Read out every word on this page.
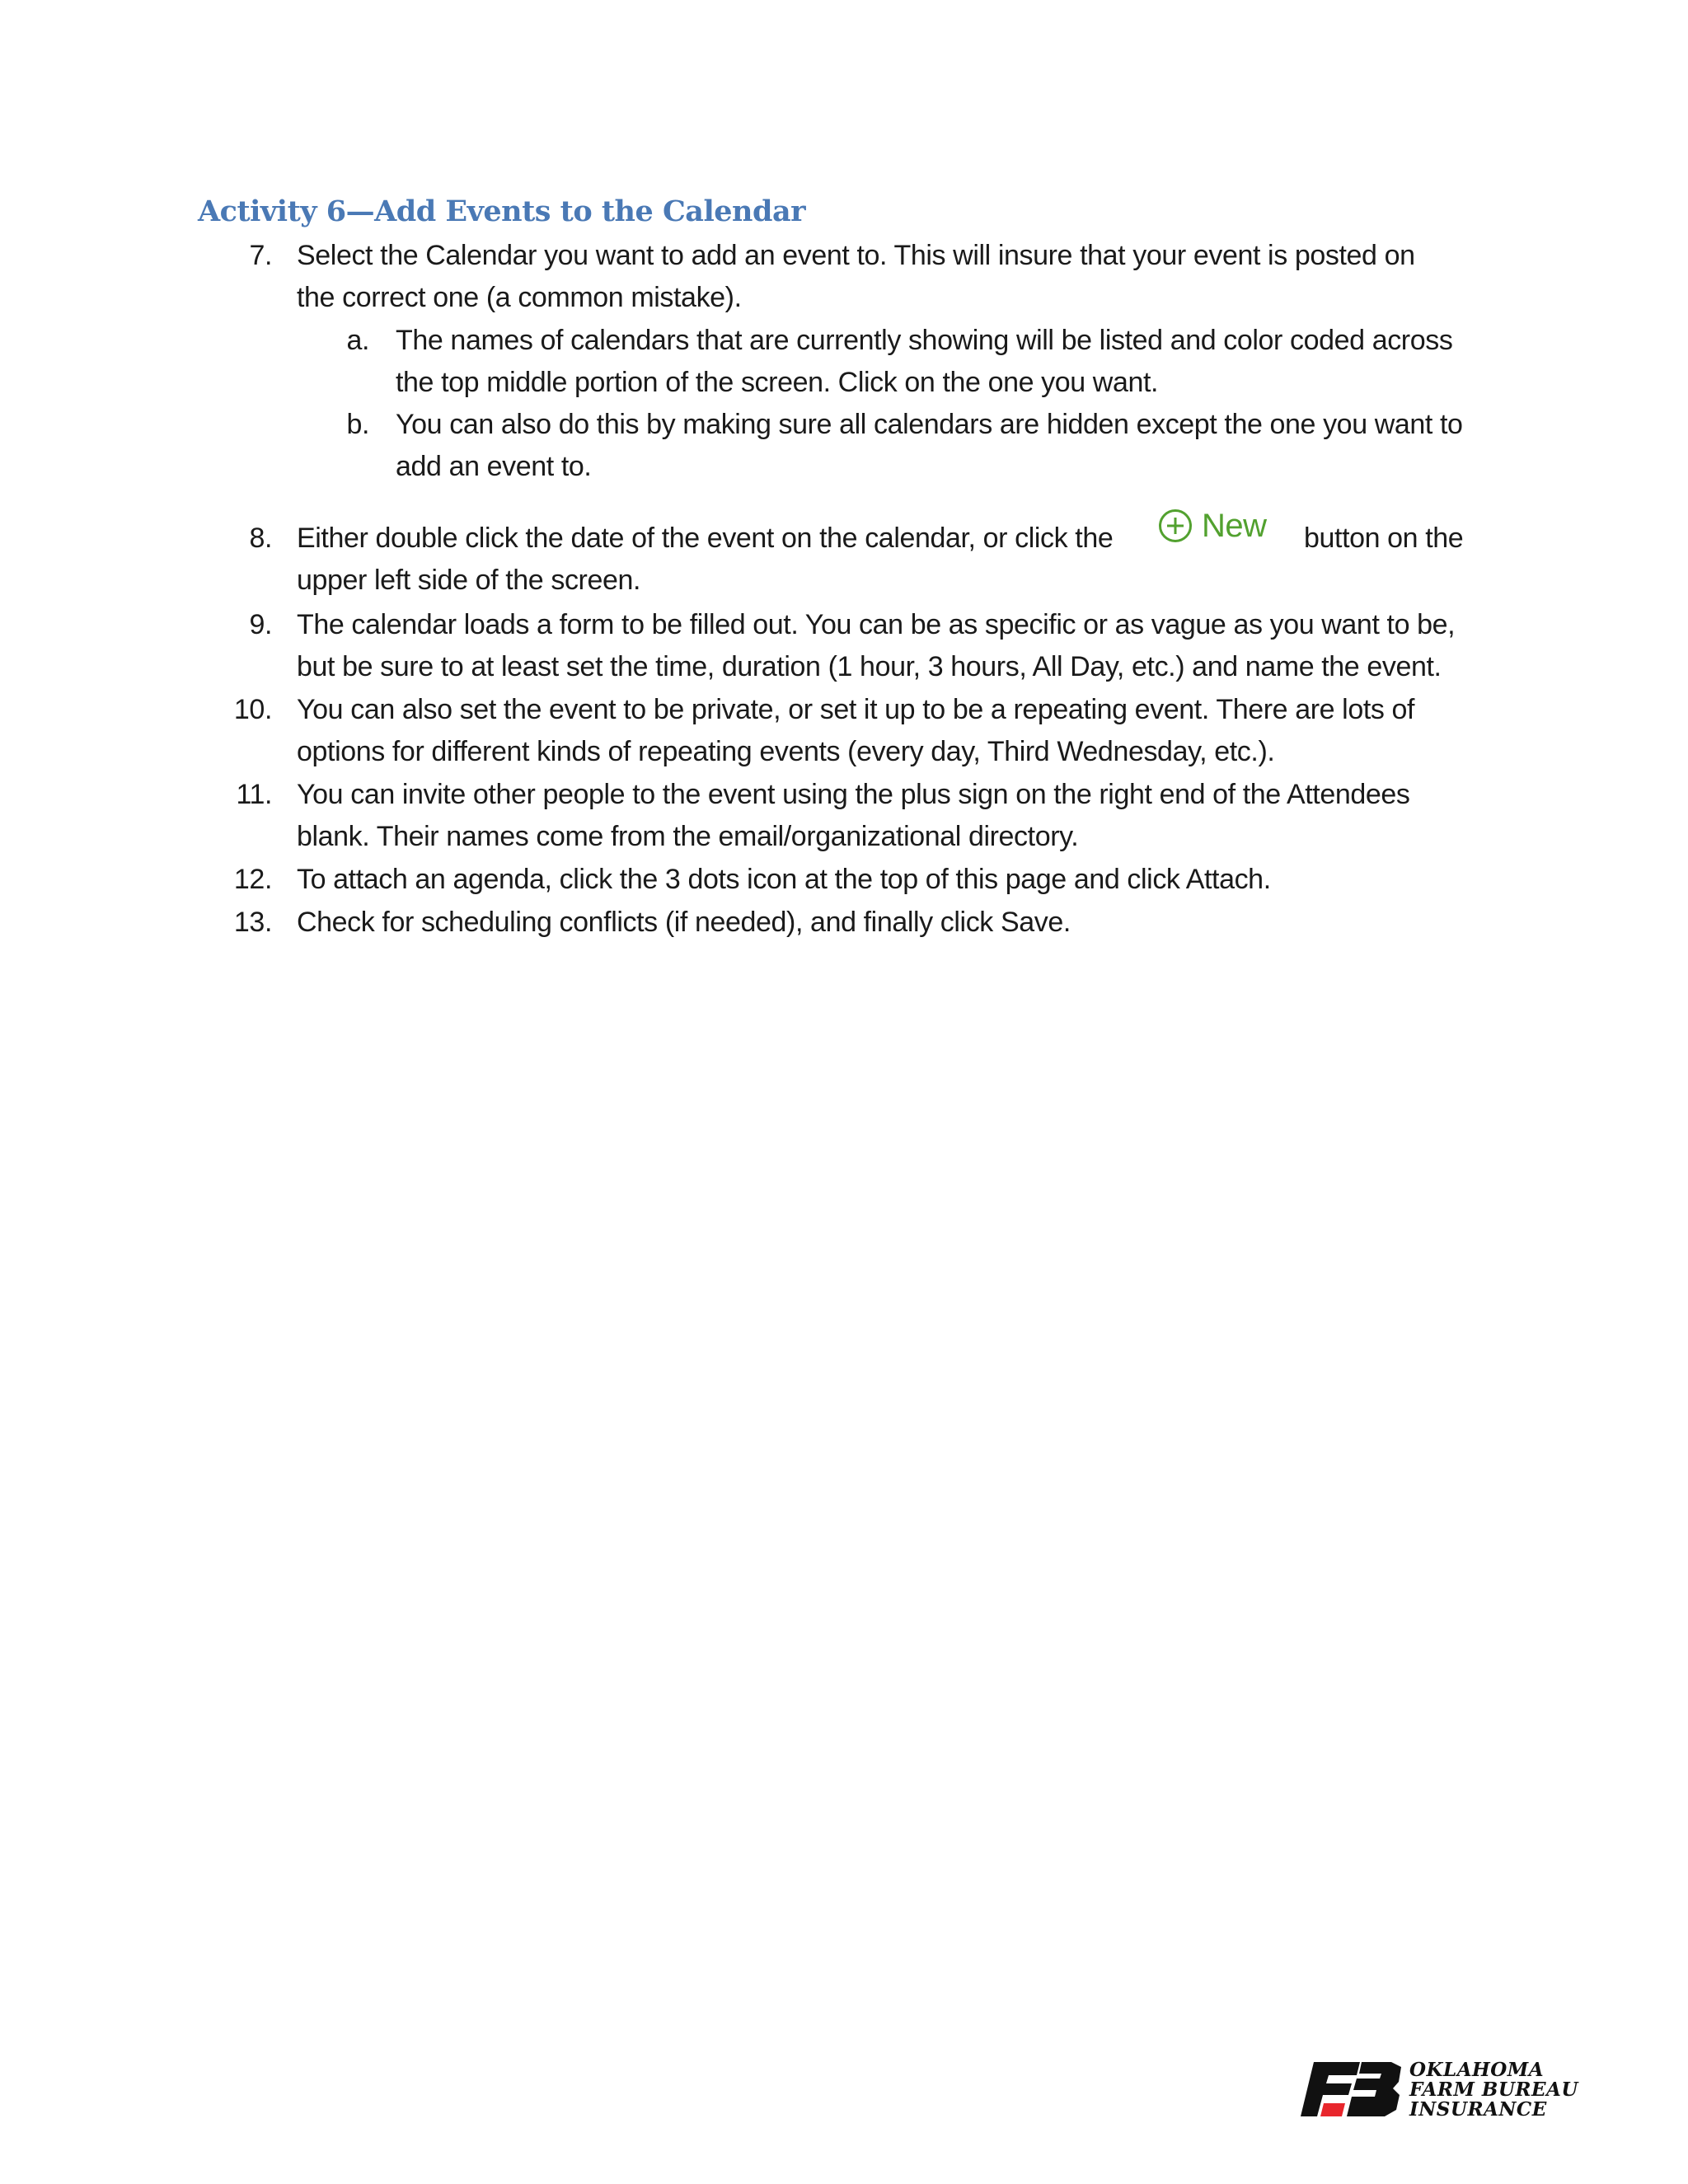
Activity 6—Add Events to the Calendar
7. Select the Calendar you want to add an event to. This will insure that your event is posted on
the correct one (a common mistake).
a. The names of calendars that are currently showing will be listed and color coded across
the top middle portion of the screen. Click on the one you want.
b. You can also do this by making sure all calendars are hidden except the one you want to
add an event to.
8. Either double click the date of the event on the calendar, or click the	button on the
upper left side of the screen.
New
9. The calendar loads a form to be filled out. You can be as specific or as vague as you want to be,
but be sure to at least set the time, duration (1 hour, 3 hours, All Day, etc.) and name the event.
10. You can also set the event to be private, or set it up to be a repeating event. There are lots of
options for different kinds of repeating events (every day, Third Wednesday, etc.).
11. You can invite other people to the event using the plus sign on the right end of the Attendees
blank. Their names come from the email/organizational directory.
12. To attach an agenda, click the 3 dots icon at the top of this page and click Attach.
13. Check for scheduling conflicts (if needed), and finally click Save.
OKLAHOMA
FARM BUREAU
INSURANCE
